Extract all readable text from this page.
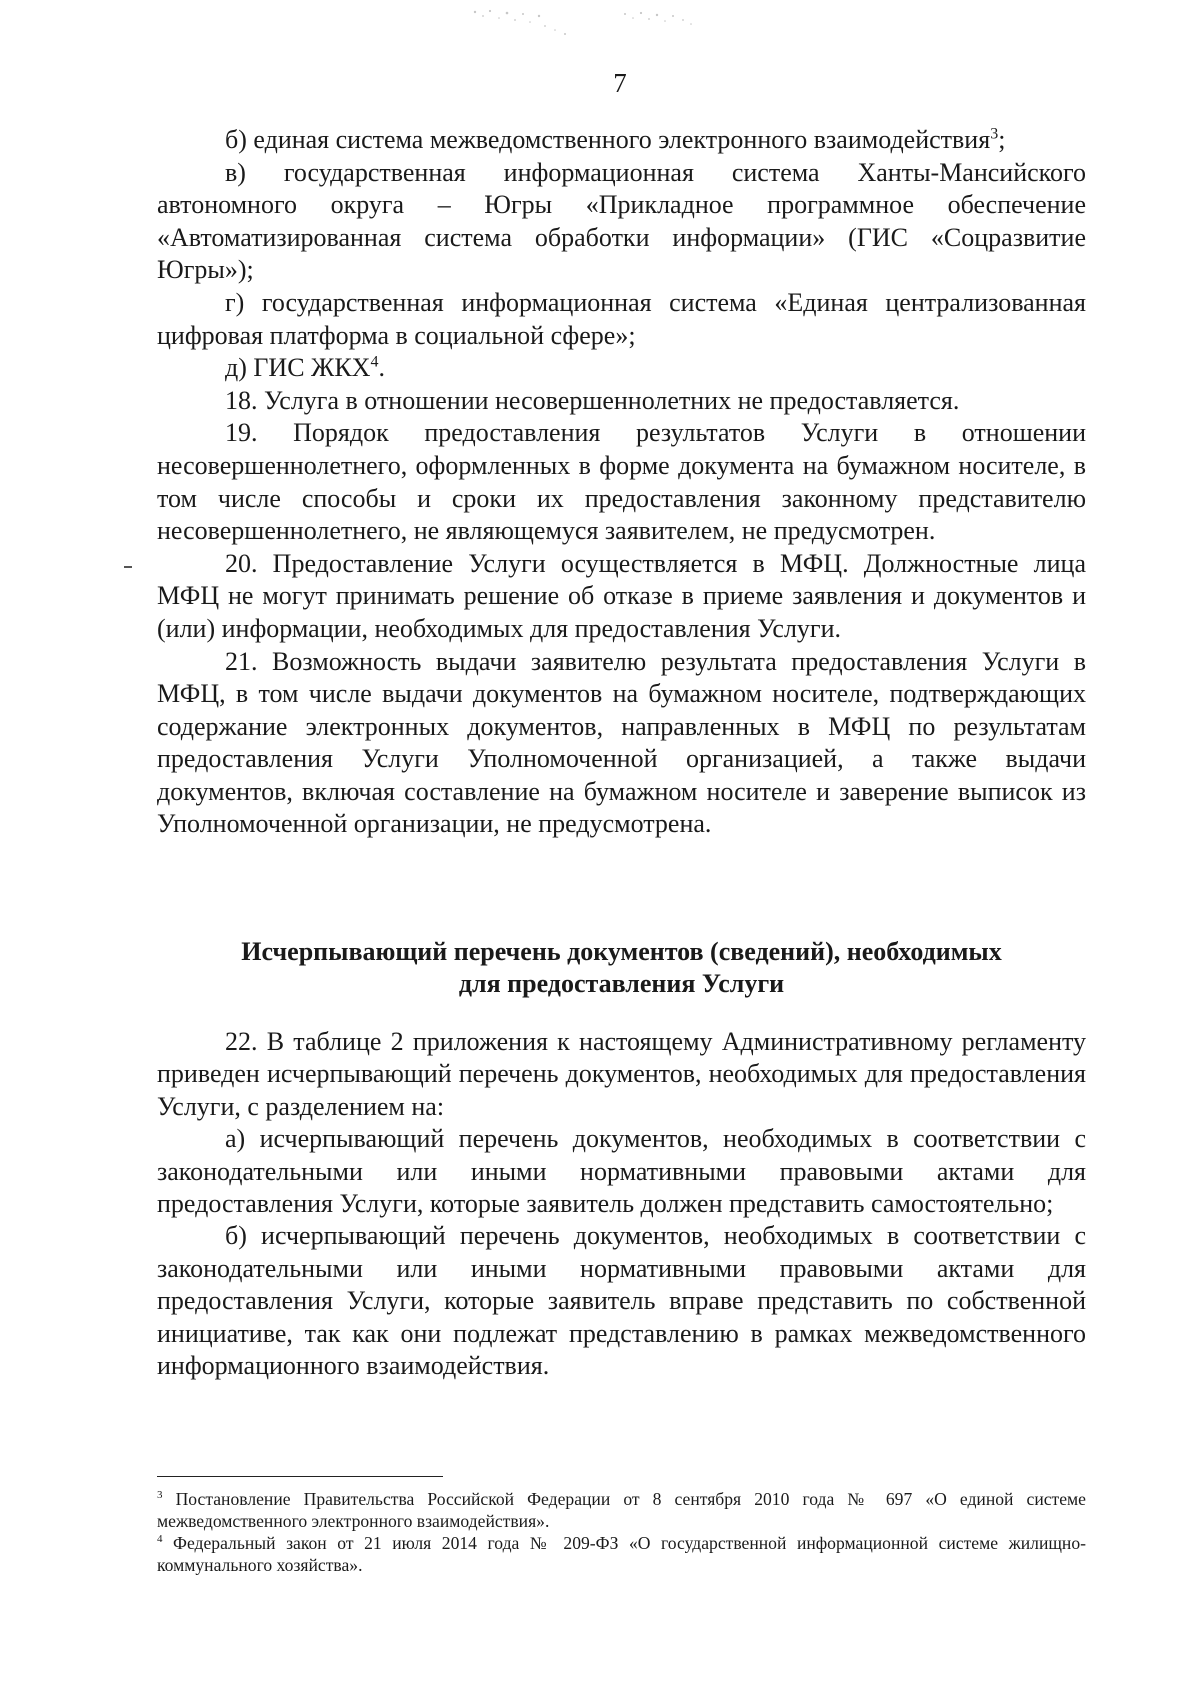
7

б) единая система межведомственного электронного взаимодействия$^3$;

в) государственная информационная система Ханты-Мансийского автономного округа – Югры «Прикладное программное обеспечение «Автоматизированная система обработки информации» (ГИС «Соцразвитие Югры»);

г) государственная информационная система «Единая централизованная цифровая платформа в социальной сфере»;

д) ГИС ЖКХ$^4$.

18. Услуга в отношении несовершеннолетних не предоставляется.

19. Порядок предоставления результатов Услуги в отношении несовершеннолетнего, оформленных в форме документа на бумажном носителе, в том числе способы и сроки их предоставления законному представителю несовершеннолетнего, не являющемуся заявителем, не предусмотрен.

20. Предоставление Услуги осуществляется в МФЦ. Должностные лица МФЦ не могут принимать решение об отказе в приеме заявления и документов и (или) информации, необходимых для предоставления Услуги.

21. Возможность выдачи заявителю результата предоставления Услуги в МФЦ, в том числе выдачи документов на бумажном носителе, подтверждающих содержание электронных документов, направленных в МФЦ по результатам предоставления Услуги Уполномоченной организацией, а также выдачи документов, включая составление на бумажном носителе и заверение выписок из Уполномоченной организации, не предусмотрена.

Исчерпывающий перечень документов (сведений), необходимых
для предоставления Услуги

22. В таблице 2 приложения к настоящему Административному регламенту приведен исчерпывающий перечень документов, необходимых для предоставления Услуги, с разделением на:

а) исчерпывающий перечень документов, необходимых в соответствии с законодательными или иными нормативными правовыми актами для предоставления Услуги, которые заявитель должен представить самостоятельно;

б) исчерпывающий перечень документов, необходимых в соответствии с законодательными или иными нормативными правовыми актами для предоставления Услуги, которые заявитель вправе представить по собственной инициативе, так как они подлежат представлению в рамках межведомственного информационного взаимодействия.

$^3$ Постановление Правительства Российской Федерации от 8 сентября 2010 года № 697 «О единой системе межведомственного электронного взаимодействия».

$^4$ Федеральный закон от 21 июля 2014 года № 209-ФЗ «О государственной информационной системе жилищно-коммунального хозяйства».
